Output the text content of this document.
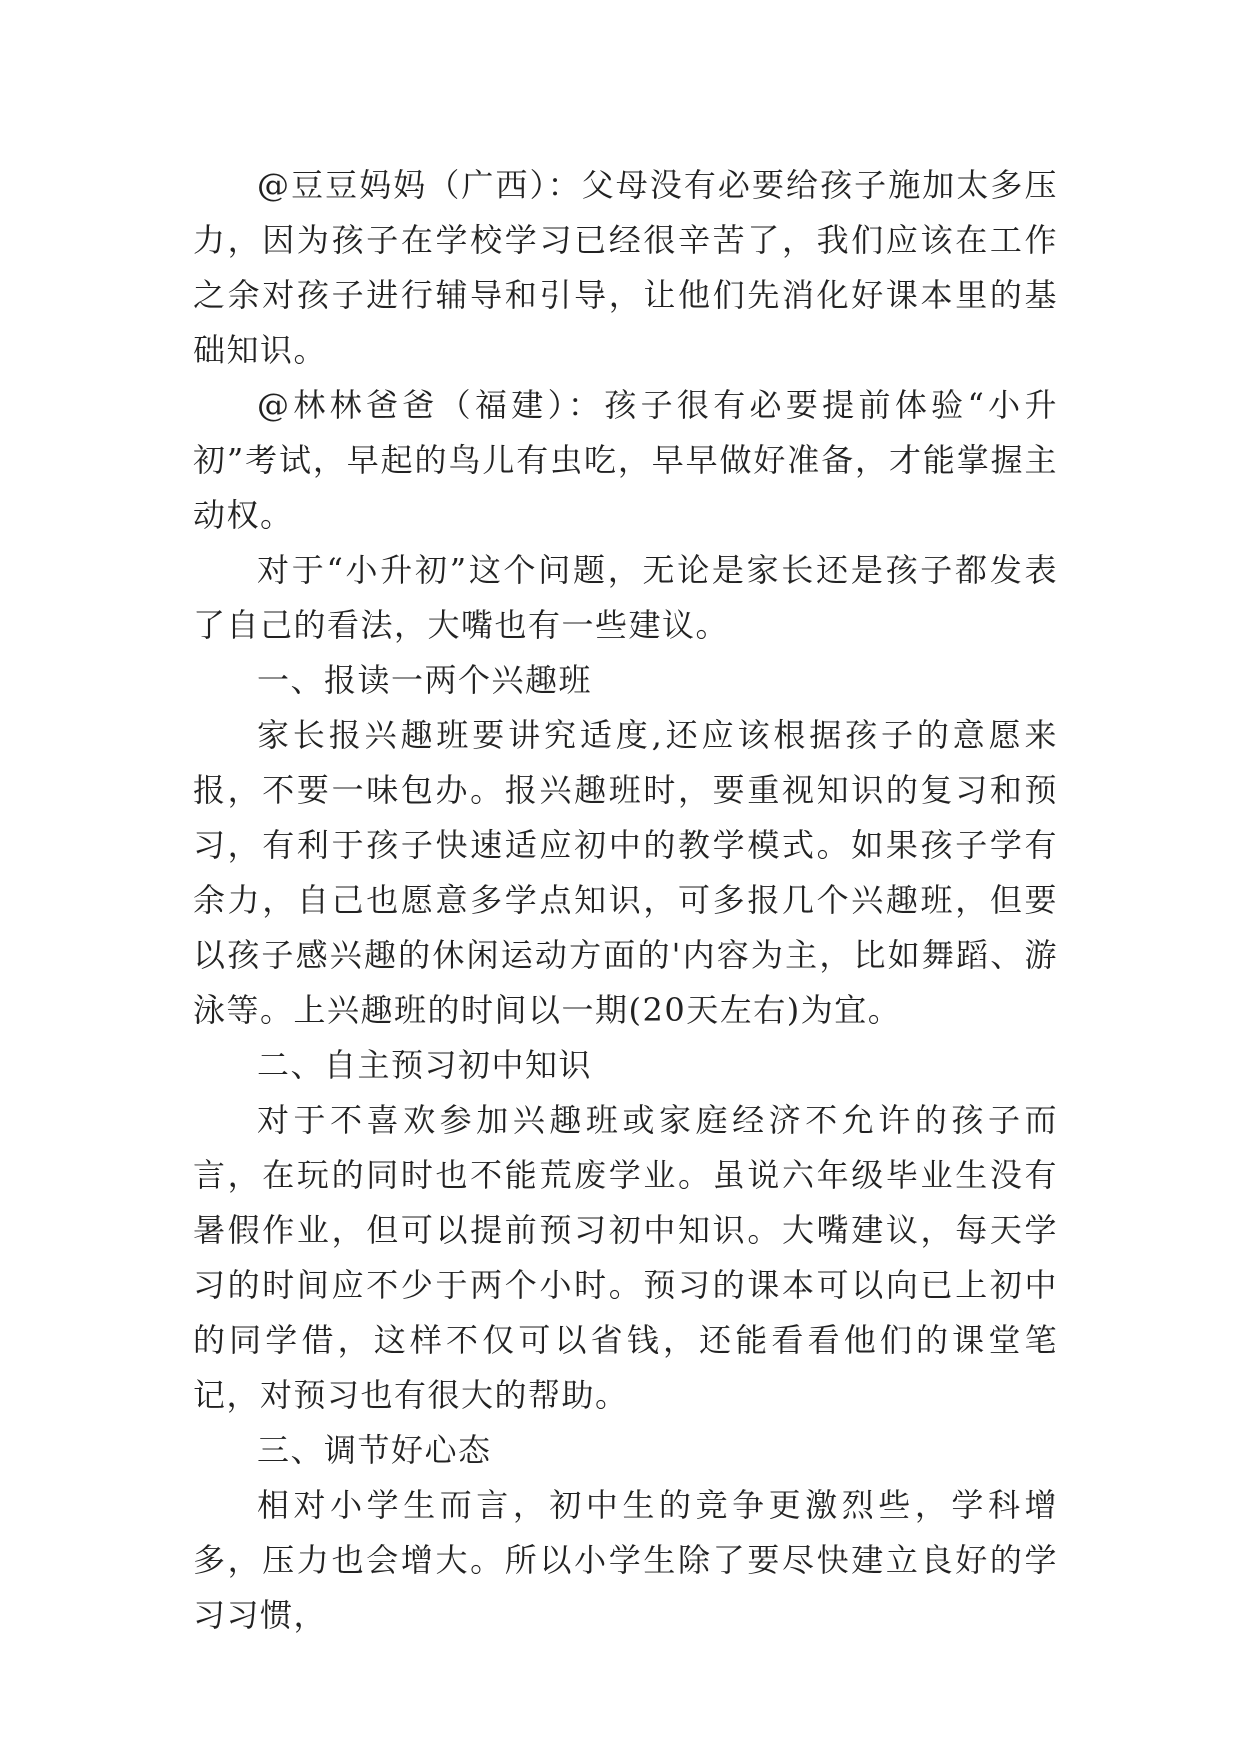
@豆豆妈妈（广西）：父母没有必要给孩子施加太多压力，因为孩子在学校学习已经很辛苦了，我们应该在工作之余对孩子进行辅导和引导，让他们先消化好课本里的基础知识。

@林林爸爸（福建）：孩子很有必要提前体验“小升初”考试，早起的鸟儿有虫吃，早早做好准备，才能掌握主动权。

对于“小升初”这个问题，无论是家长还是孩子都发表了自己的看法，大嘴也有一些建议。

一、报读一两个兴趣班

家长报兴趣班要讲究适度,还应该根据孩子的意愿来报，不要一味包办。报兴趣班时，要重视知识的复习和预习，有利于孩子快速适应初中的教学模式。如果孩子学有余力，自己也愿意多学点知识，可多报几个兴趣班，但要以孩子感兴趣的休闲运动方面的'内容为主，比如舞蹈、游泳等。上兴趣班的时间以一期(20天左右)为宜。

二、自主预习初中知识

对于不喜欢参加兴趣班或家庭经济不允许的孩子而言，在玩的同时也不能荒废学业。虽说六年级毕业生没有暑假作业，但可以提前预习初中知识。大嘴建议，每天学习的时间应不少于两个小时。预习的课本可以向已上初中的同学借，这样不仅可以省钱，还能看看他们的课堂笔记，对预习也有很大的帮助。

三、调节好心态

相对小学生而言，初中生的竞争更激烈些，学科增多，压力也会增大。所以小学生除了要尽快建立良好的学习习惯，
